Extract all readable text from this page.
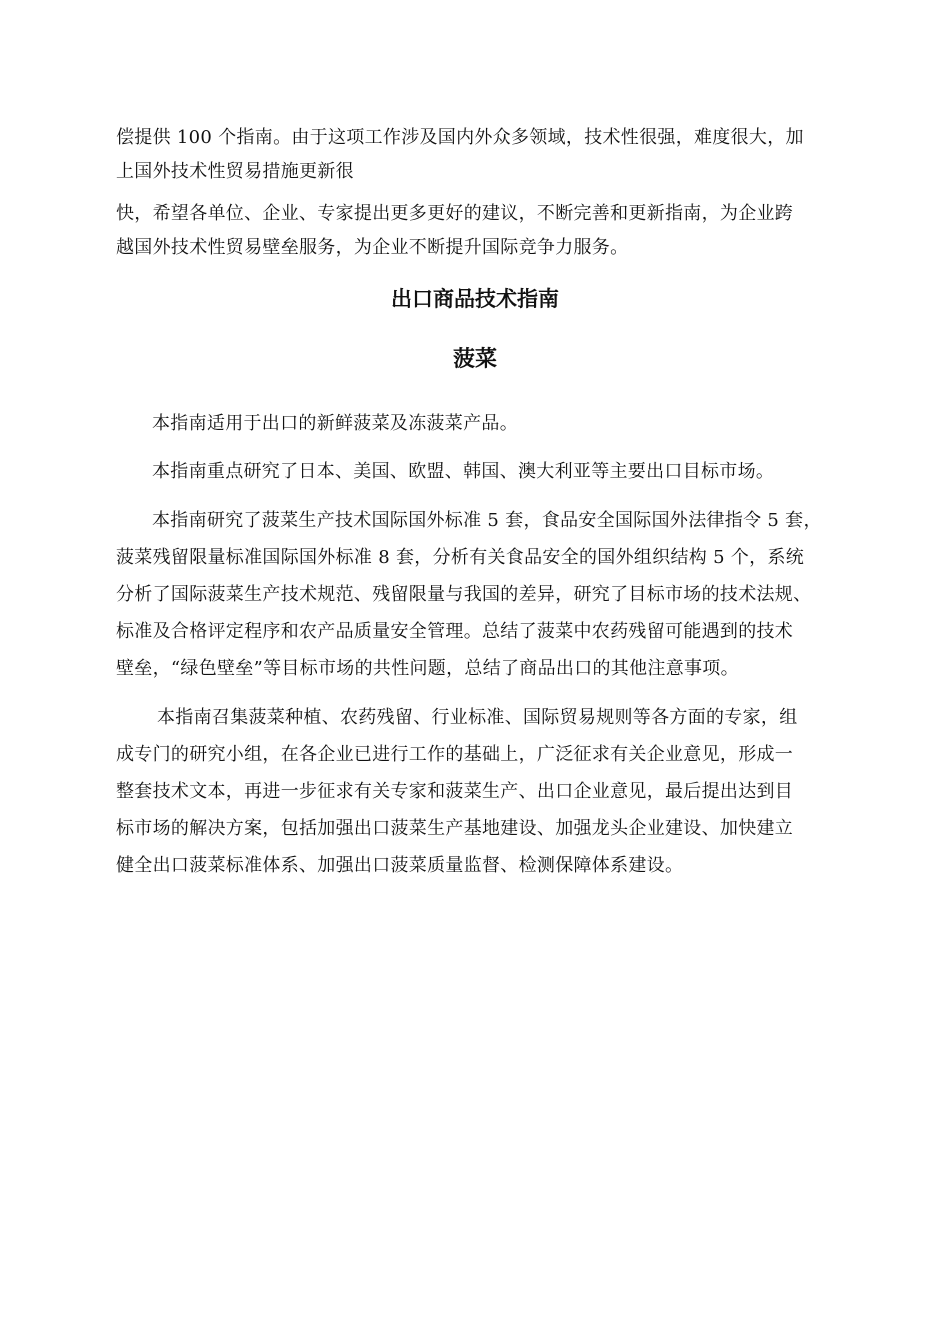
偿提供 100 个指南。由于这项工作涉及国内外众多领域，技术性很强，难度很大，加
上国外技术性贸易措施更新很
快，希望各单位、企业、专家提出更多更好的建议，不断完善和更新指南，为企业跨
越国外技术性贸易壁垒服务，为企业不断提升国际竞争力服务。
出口商品技术指南
菠菜
本指南适用于出口的新鲜菠菜及冻菠菜产品。
本指南重点研究了日本、美国、欧盟、韩国、澳大利亚等主要出口目标市场。
本指南研究了菠菜生产技术国际国外标准 5 套，食品安全国际国外法律指令 5 套，
菠菜残留限量标准国际国外标准 8 套，分析有关食品安全的国外组织结构 5 个，系统
分析了国际菠菜生产技术规范、残留限量与我国的差异，研究了目标市场的技术法规、
标准及合格评定程序和农产品质量安全管理。总结了菠菜中农药残留可能遇到的技术
壁垒，“绿色壁垒”等目标市场的共性问题，总结了商品出口的其他注意事项。
本指南召集菠菜种植、农药残留、行业标准、国际贸易规则等各方面的专家，组
成专门的研究小组，在各企业已进行工作的基础上，广泛征求有关企业意见，形成一
整套技术文本，再进一步征求有关专家和菠菜生产、出口企业意见，最后提出达到目
标市场的解决方案，包括加强出口菠菜生产基地建设、加强龙头企业建设、加快建立
健全出口菠菜标准体系、加强出口菠菜质量监督、检测保障体系建设。
